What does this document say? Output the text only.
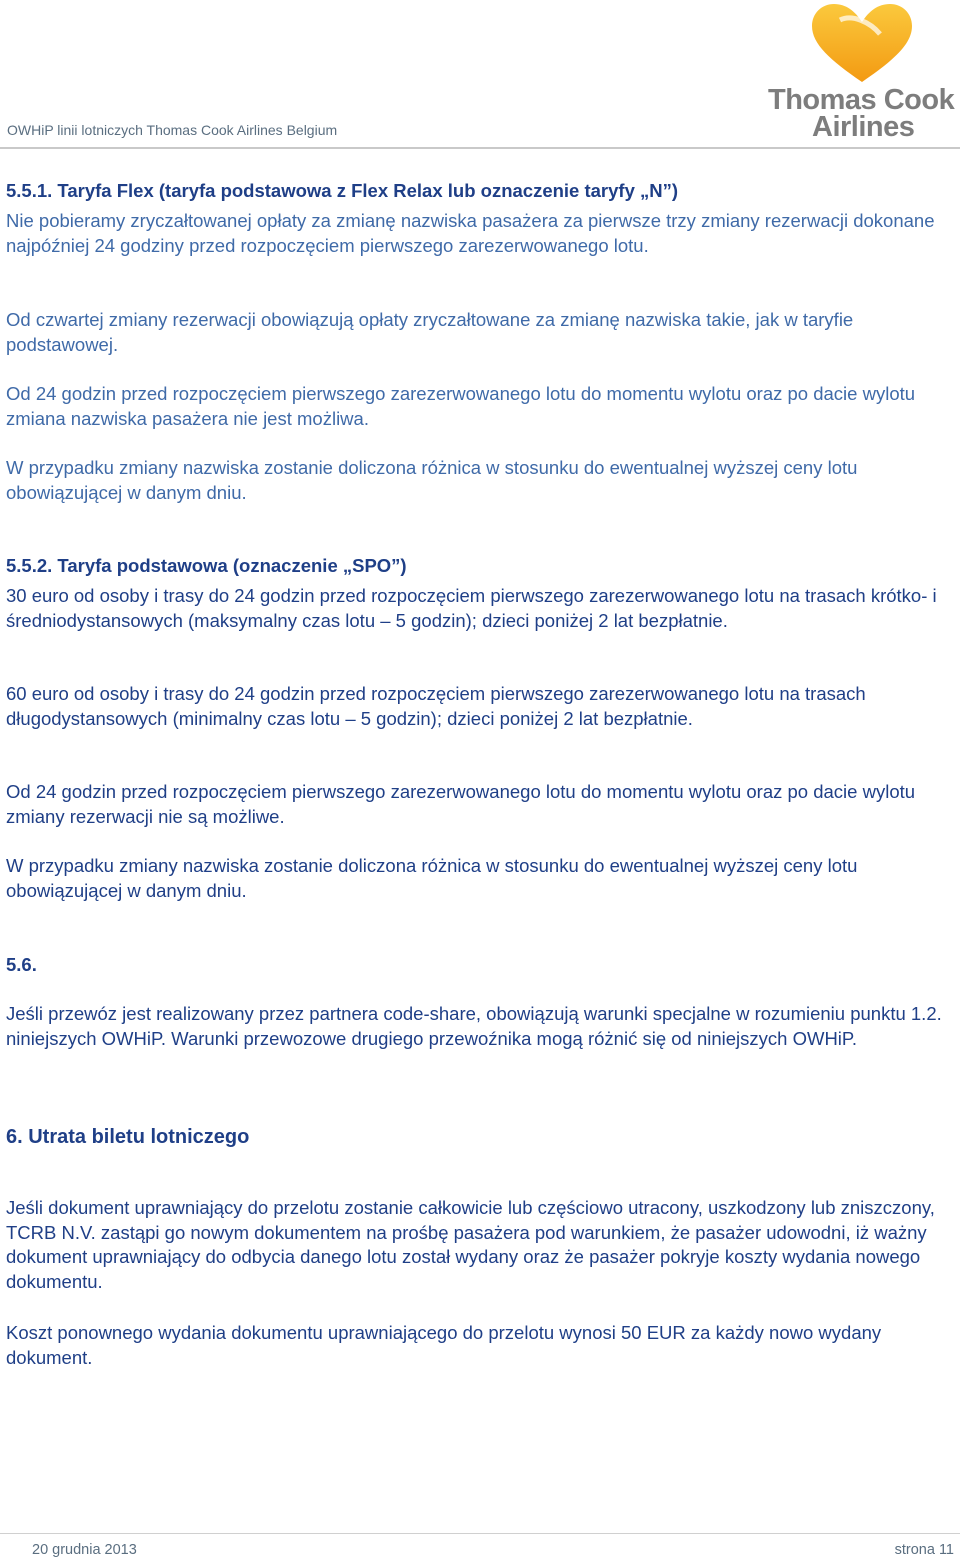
OWHiP linii lotniczych Thomas Cook Airlines Belgium
Thomas Cook
Airlines
5.5.1. Taryfa Flex (taryfa podstawowa z Flex Relax lub oznaczenie taryfy „N”)
Nie pobieramy zryczałtowanej opłaty za zmianę nazwiska pasażera za pierwsze trzy zmiany rezerwacji dokonane najpóźniej 24 godziny przed rozpoczęciem pierwszego zarezerwowanego lotu.
Od czwartej zmiany rezerwacji obowiązują opłaty zryczałtowane za zmianę nazwiska takie, jak w taryfie podstawowej.
Od 24 godzin przed rozpoczęciem pierwszego zarezerwowanego lotu do momentu wylotu oraz po dacie wylotu zmiana nazwiska pasażera nie jest możliwa.
W przypadku zmiany nazwiska zostanie doliczona różnica w stosunku do ewentualnej wyższej ceny lotu obowiązującej w danym dniu.
5.5.2. Taryfa podstawowa (oznaczenie „SPO”)
30 euro od osoby i trasy do 24 godzin przed rozpoczęciem pierwszego zarezerwowanego lotu na trasach krótko- i średniodystansowych (maksymalny czas lotu – 5 godzin); dzieci poniżej 2 lat bezpłatnie.
60 euro od osoby i trasy do 24 godzin przed rozpoczęciem pierwszego zarezerwowanego lotu na trasach długodystansowych (minimalny czas lotu – 5 godzin); dzieci poniżej 2 lat bezpłatnie.
Od 24 godzin przed rozpoczęciem pierwszego zarezerwowanego lotu do momentu wylotu oraz po dacie wylotu zmiany rezerwacji nie są możliwe.
W przypadku zmiany nazwiska zostanie doliczona różnica w stosunku do ewentualnej wyższej ceny lotu obowiązującej w danym dniu.
5.6.
Jeśli przewóz jest realizowany przez partnera code-share, obowiązują warunki specjalne w rozumieniu punktu 1.2. niniejszych OWHiP. Warunki przewozowe drugiego przewoźnika mogą różnić się od niniejszych OWHiP.
6. Utrata biletu lotniczego
Jeśli dokument uprawniający do przelotu zostanie całkowicie lub częściowo utracony, uszkodzony lub zniszczony, TCRB N.V. zastąpi go nowym dokumentem na prośbę pasażera pod warunkiem, że pasażer udowodni, iż ważny dokument uprawniający do odbycia danego lotu został wydany oraz że pasażer pokryje koszty wydania nowego dokumentu.
Koszt ponownego wydania dokumentu uprawniającego do przelotu wynosi 50 EUR za każdy nowo wydany dokument.
20 grudnia 2013	strona 11
